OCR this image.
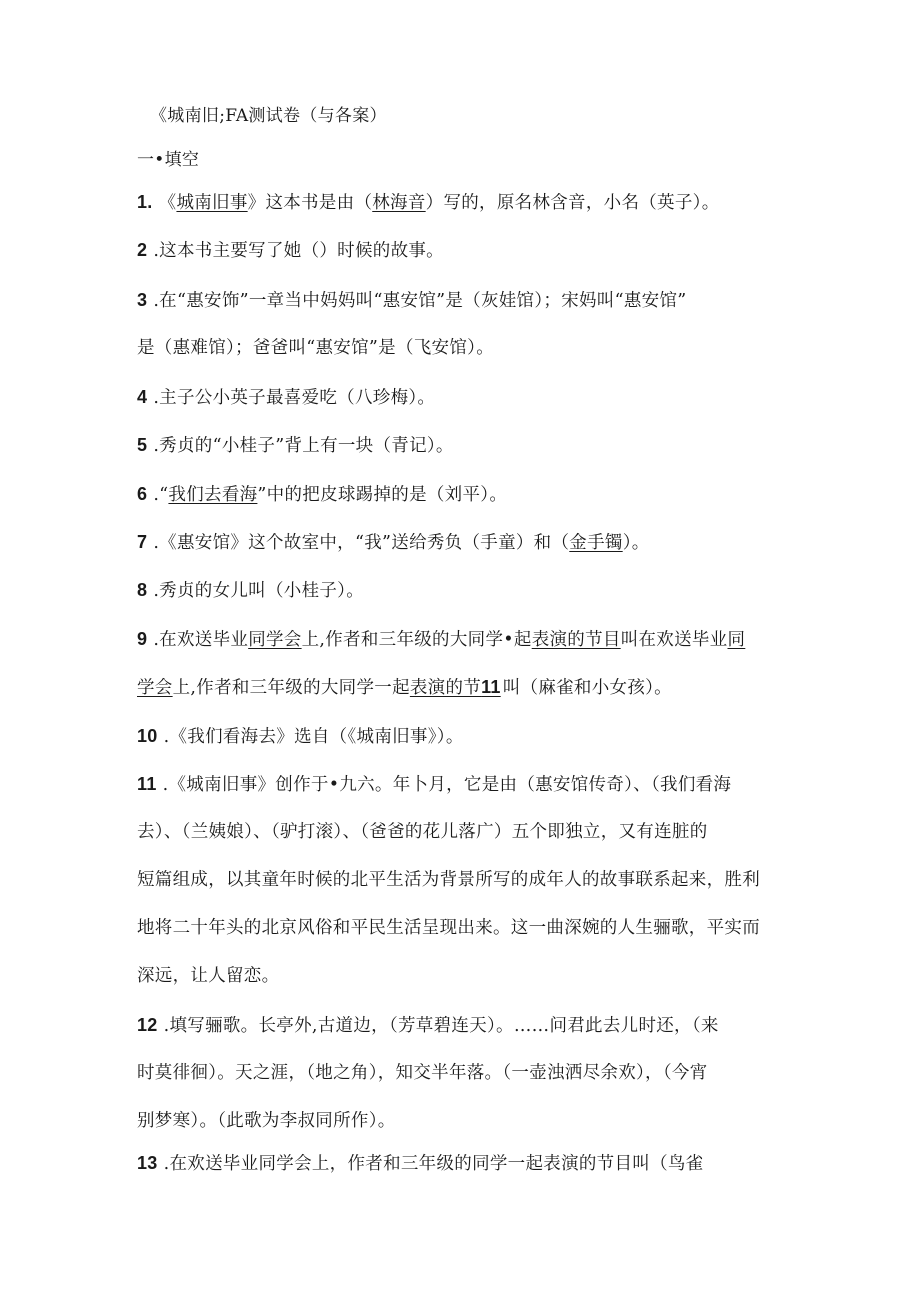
《城南旧;FA测试卷（与各案）
一•填空
1. 《城南旧事》这本书是由（林海音）写的，原名林含音，小名（英子）。
2 .这本书主要写了她（）时候的故事。
3 .在“惠安饰”一章当中妈妈叫“惠安馆”是（灰娃馆）；宋妈叫“惠安馆”
是（惠难馆）；爸爸叫“惠安馆”是（飞安馆）。
4 .主子公小英子最喜爱吃（八珍梅）。
5 .秀贞的“小桂子”背上有一块（青记）。
6 .“我们去看海”中的把皮球踢掉的是（刘平）。
7 .《惠安馆》这个故室中，“我”送给秀负（手童）和（金手镯）。
8 .秀贞的女儿叫（小桂子）。
9 .在欢送毕业同学会上,作者和三年级的大同学•起表演的节目叫在欢送毕业同
学会上,作者和三年级的大同学一起表演的节11 叫（麻雀和小女孩）。
10 .《我们看海去》选自（《城南旧事》）。
11 .《城南旧事》创作于•九六。年卜月，它是由（惠安馆传奇）、（我们看海
去）、（兰姨娘）、（驴打滚）、（爸爸的花儿落广）五个即独立，又有连脏的
短篇组成，以其童年时候的北平生活为背景所写的成年人的故事联系起来，胜利
地将二十年头的北京风俗和平民生活呈现出来。这一曲深婉的人生骊歌，平实而
深远，让人留恋。
12 .填写骊歌。长亭外,古道边，（芳草碧连天）。……问君此去儿时还，（来
时莫徘徊）。天之涯，（地之角），知交半年落。（一壶浊洒尽余欢），（今宵
别梦寒）。（此歌为李叔同所作）。
13 .在欢送毕业同学会上，作者和三年级的同学一起表演的节目叫（鸟雀
